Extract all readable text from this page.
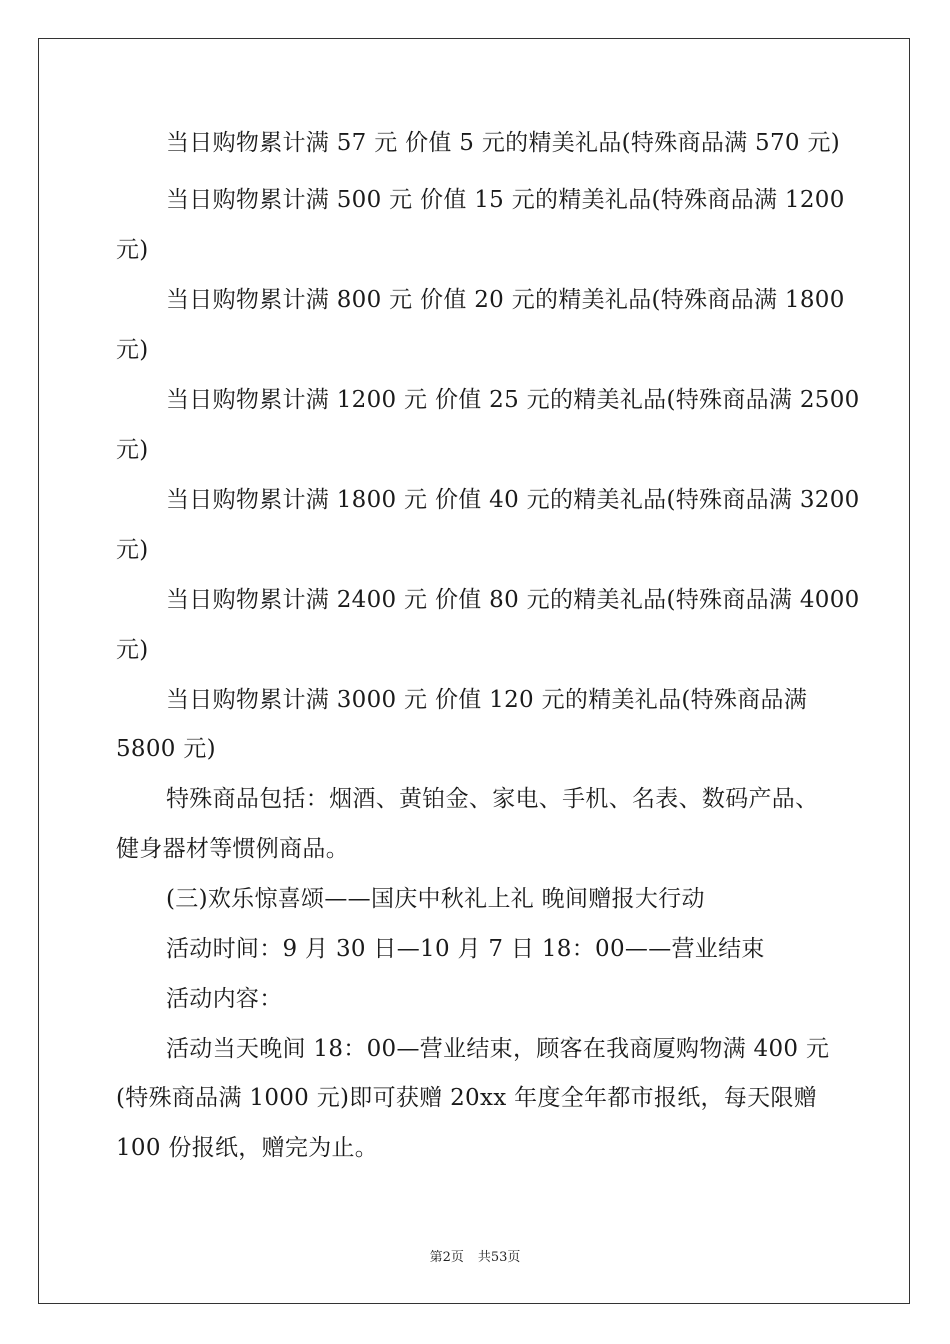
当日购物累计满 57 元 价值 5 元的精美礼品(特殊商品满 570 元)
当日购物累计满 500 元 价值 15 元的精美礼品(特殊商品满 1200
元)
当日购物累计满 800 元 价值 20 元的精美礼品(特殊商品满 1800
元)
当日购物累计满 1200 元 价值 25 元的精美礼品(特殊商品满 2500
元)
当日购物累计满 1800 元 价值 40 元的精美礼品(特殊商品满 3200
元)
当日购物累计满 2400 元 价值 80 元的精美礼品(特殊商品满 4000
元)
当日购物累计满 3000 元 价值 120 元的精美礼品(特殊商品满
5800 元)
特殊商品包括：烟酒、黄铂金、家电、手机、名表、数码产品、
健身器材等惯例商品。
(三)欢乐惊喜颂——国庆中秋礼上礼 晚间赠报大行动
活动时间：9 月 30 日—10 月 7 日 18：00——营业结束
活动内容：
活动当天晚间 18：00—营业结束，顾客在我商厦购物满 400 元
(特殊商品满 1000 元)即可获赠 20xx 年度全年都市报纸，每天限赠
100 份报纸，赠完为止。
第2页 共53页
